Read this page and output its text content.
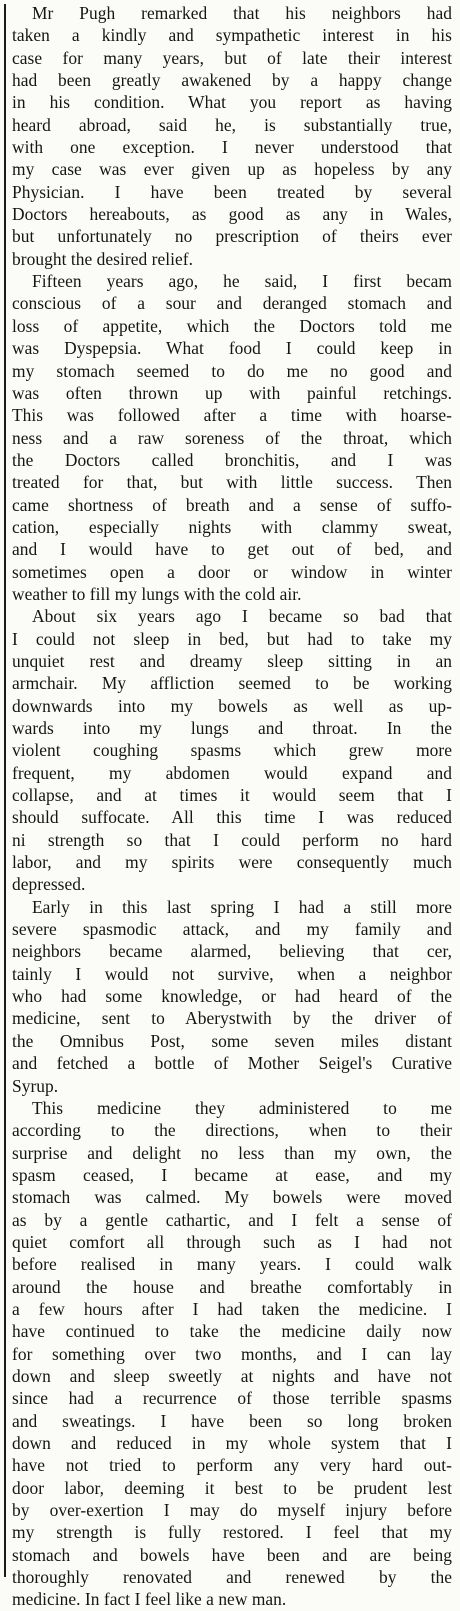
Mr Pugh remarked that his neighbors had
taken a kindly and sympathetic interest in his
case for many years, but of late their interest
had been greatly awakened by a happy change
in his condition. What you report as having
heard abroad, said he, is substantially true,
with one exception. I never understood that
my case was ever given up as hopeless by any
Physician. I have been treated by several
Doctors hereabouts, as good as any in Wales,
but unfortunately no prescription of theirs ever
brought the desired relief.
Fifteen years ago, he said, I first becam
conscious of a sour and deranged stomach and
loss of appetite, which the Doctors told me
was Dyspepsia. What food I could keep in
my stomach seemed to do me no good and
was often thrown up with painful retchings.
This was followed after a time with hoarse-
ness and a raw soreness of the throat, which
the Doctors called bronchitis, and I was
treated for that, but with little success. Then
came shortness of breath and a sense of suffo-
cation, especially nights with clammy sweat,
and I would have to get out of bed, and
sometimes open a door or window in winter
weather to fill my lungs with the cold air.
About six years ago I became so bad that
I could not sleep in bed, but had to take my
unquiet rest and dreamy sleep sitting in an
armchair. My affliction seemed to be working
downwards into my bowels as well as up-
wards into my lungs and throat. In the
violent coughing spasms which grew more
frequent, my abdomen would expand and
collapse, and at times it would seem that I
should suffocate. All this time I was reduced
ni strength so that I could perform no hard
labor, and my spirits were consequently much
depressed.
Early in this last spring I had a still more
severe spasmodic attack, and my family and
neighbors became alarmed, believing that cer,
tainly I would not survive, when a neighbor
who had some knowledge, or had heard of the
medicine, sent to Aberystwith by the driver of
the Omnibus Post, some seven miles distant
and fetched a bottle of Mother Seigel's Curative
Syrup.
This medicine they administered to me
according to the directions, when to their
surprise and delight no less than my own, the
spasm ceased, I became at ease, and my
stomach was calmed. My bowels were moved
as by a gentle cathartic, and I felt a sense of
quiet comfort all through such as I had not
before realised in many years. I could walk
around the house and breathe comfortably in
a few hours after I had taken the medicine. I
have continued to take the medicine daily now
for something over two months, and I can lay
down and sleep sweetly at nights and have not
since had a recurrence of those terrible spasms
and sweatings. I have been so long broken
down and reduced in my whole system that I
have not tried to perform any very hard out-
door labor, deeming it best to be prudent lest
by over-exertion I may do myself injury before
my strength is fully restored. I feel that my
stomach and bowels have been and are being
thoroughly renovated and renewed by the
medicine. In fact I feel like a new man.
